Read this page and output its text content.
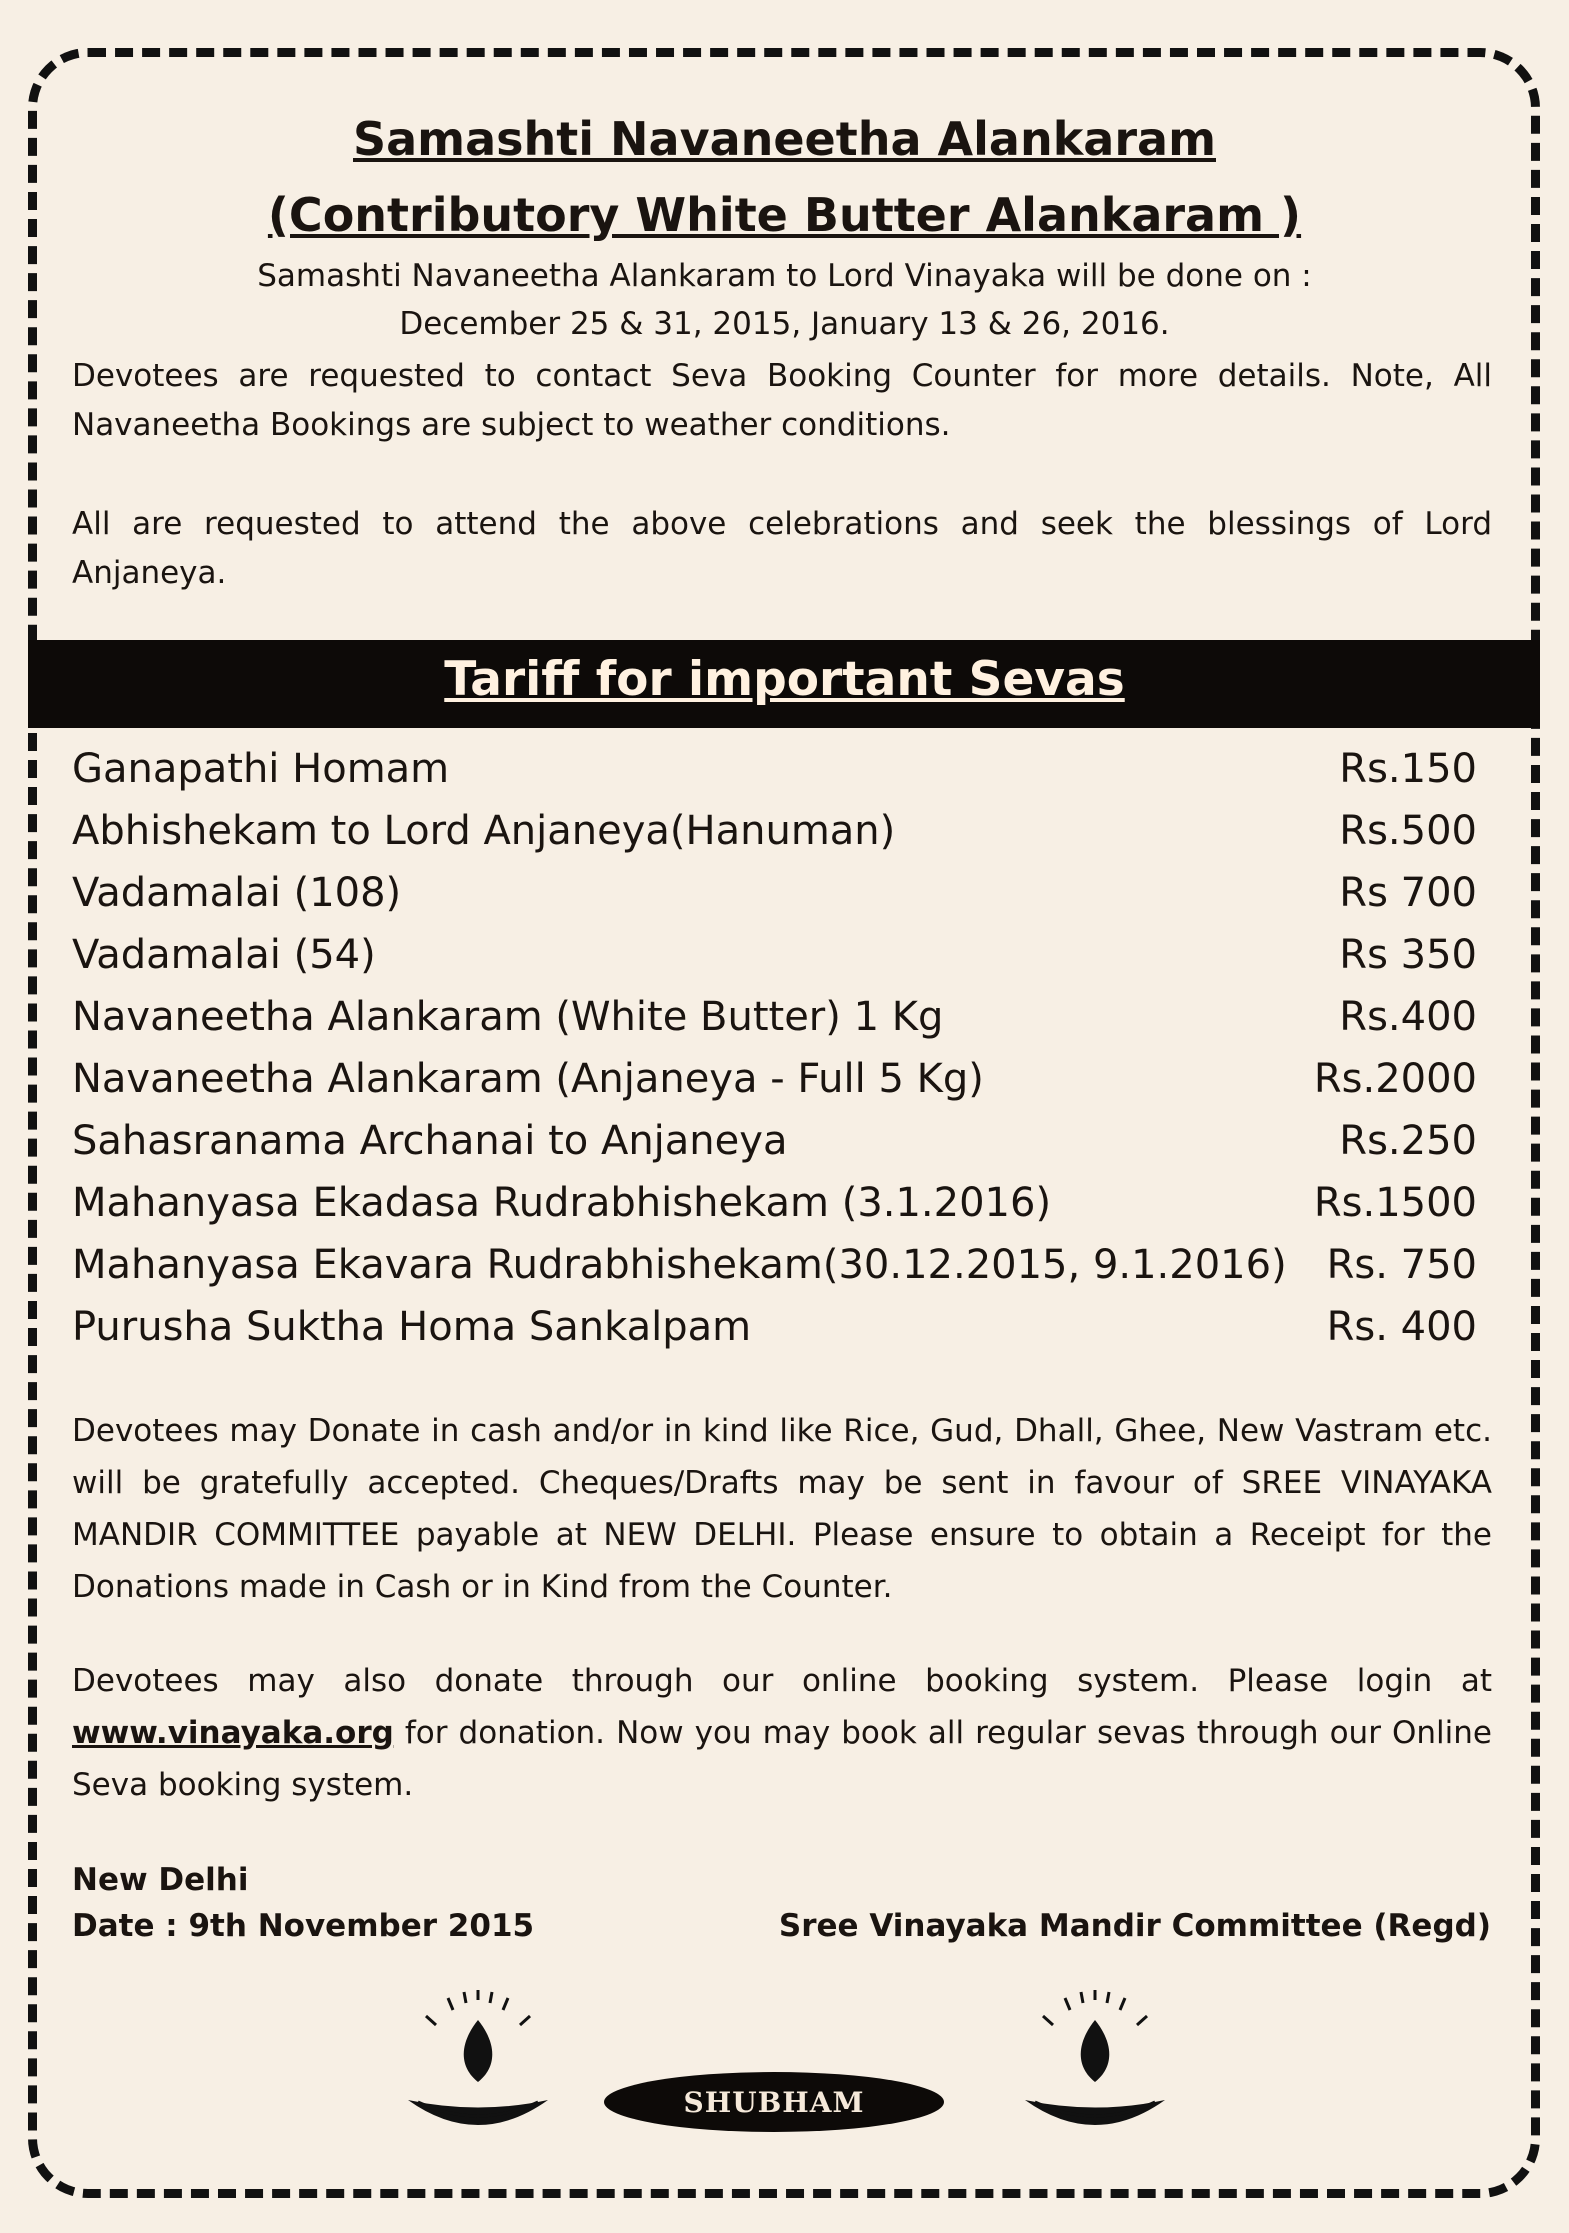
Samashti Navaneetha Alankaram
(Contributory White Butter Alankaram )
Samashti Navaneetha Alankaram to Lord Vinayaka will be done on :
December 25 & 31, 2015, January 13 & 26, 2016.
Devotees are requested to contact Seva Booking Counter for more details. Note, All Navaneetha Bookings are subject to weather conditions.
All are requested to attend the above celebrations and seek the blessings of Lord Anjaneya.
Tariff for important Sevas
Ganapathi Homam	Rs.150
Abhishekam to Lord Anjaneya(Hanuman)	Rs.500
Vadamalai (108)	Rs 700
Vadamalai (54)	Rs 350
Navaneetha Alankaram (White Butter) 1 Kg	Rs.400
Navaneetha Alankaram (Anjaneya - Full 5 Kg)	Rs.2000
Sahasranama Archanai to Anjaneya	Rs.250
Mahanyasa Ekadasa Rudrabhishekam (3.1.2016)	Rs.1500
Mahanyasa Ekavara Rudrabhishekam(30.12.2015, 9.1.2016) Rs. 750
Purusha Suktha Homa Sankalpam	Rs. 400
Devotees may Donate in cash and/or in kind like Rice, Gud, Dhall, Ghee, New Vastram etc. will be gratefully accepted. Cheques/Drafts may be sent in favour of SREE VINAYAKA MANDIR COMMITTEE payable at NEW DELHI. Please ensure to obtain a Receipt for the Donations made in Cash or in Kind from the Counter.
Devotees may also donate through our online booking system. Please login at www.vinayaka.org for donation. Now you may book all regular sevas through our Online Seva booking system.
New Delhi
Date : 9th November 2015	Sree Vinayaka Mandir Committee (Regd)
SHUBHAM
